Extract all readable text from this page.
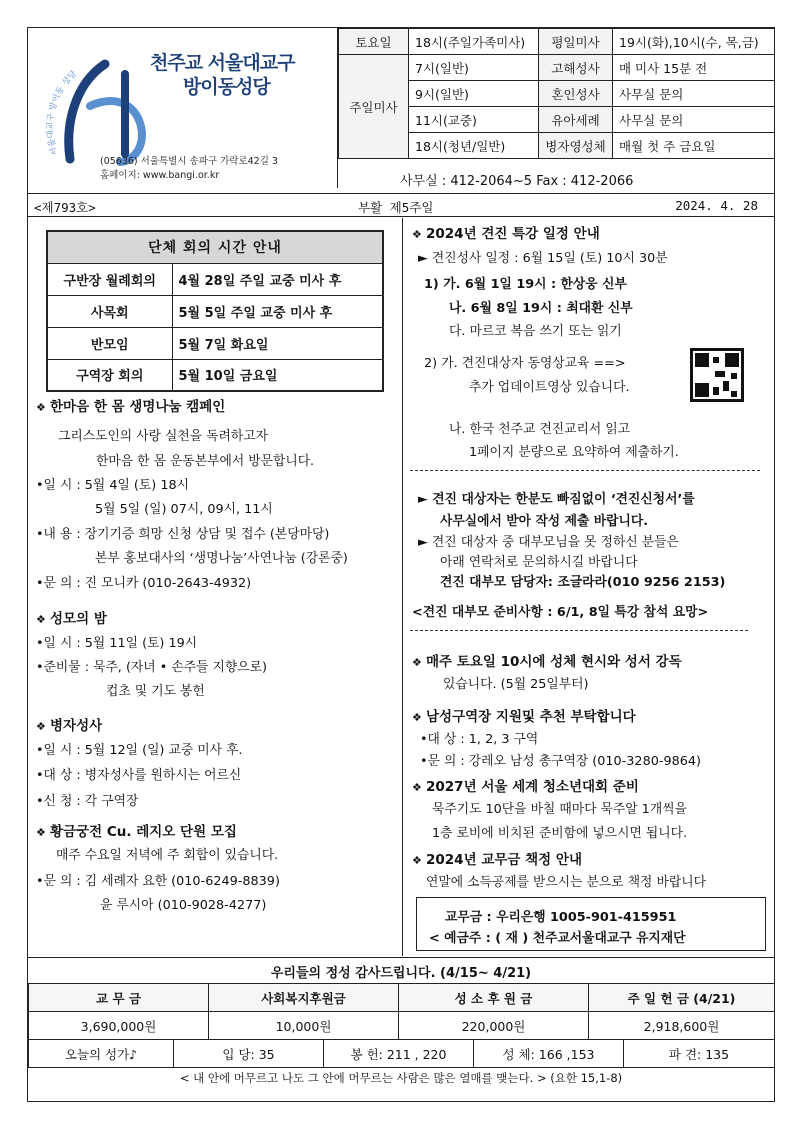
서울대교구 방이동 성당
천주교 서울대교구
방이동성당
(05636) 서울특별시 송파구 가락로42길 3
홈페이지: www.bangi.or.kr
토요일	18시(주일가족미사)	평일미사	19시(화),10시(수, 목,금)
주일미사	7시(일반)	고해성사	매 미사 15분 전
	9시(일반)	혼인성사	사무실 문의
	11시(교중)	유아세례	사무실 문의
	18시(청년/일반)	병자영성체	매월 첫 주 금요일
사무실 : 412-2064~5 Fax : 412-2066
<제793호>	부활 제5주일	2024. 4. 28
단체 회의 시간 안내	
구반장 월례회의	4월 28일 주일 교중 미사 후
사목회	5월 5일 주일 교중 미사 후
반모임	5월 7일 화요일
구역장 회의	5월 10일 금요일
❖ 한마음 한 몸 생명나눔 캠페인
그리스도인의 사랑 실천을 독려하고자
한마음 한 몸 운동본부에서 방문합니다.
•일 시 : 5월 4일 (토) 18시
5월 5일 (일) 07시, 09시, 11시
•내 용 : 장기기증 희망 신청 상담 및 접수 (본당마당)
본부 홍보대사의 ‘생명나눔’사연나눔 (강론중)
•문 의 : 진 모니카 (010-2643-4932)
❖ 성모의 밤
•일 시 : 5월 11일 (토) 19시
•준비물 : 묵주, (자녀 • 손주들 지향으로)
컵초 및 기도 봉헌
❖ 병자성사
•일 시 : 5월 12일 (일) 교중 미사 후.
•대 상 : 병자성사를 원하시는 어르신
•신 청 : 각 구역장
❖ 황금궁전 Cu. 레지오 단원 모집
매주 수요일 저녁에 주 회합이 있습니다.
•문 의 : 김 세례자 요한 (010-6249-8839)
윤 루시아 (010-9028-4277)
❖ 2024년 견진 특강 일정 안내
► 견진성사 일정 : 6월 15일 (토) 10시 30분
1) 가. 6월 1일 19시 : 한상웅 신부
나. 6월 8일 19시 : 최대환 신부
다. 마르코 복음 쓰기 또는 읽기
2) 가. 견진대상자 동영상교육 ==>
추가 업데이트영상 있습니다.
나. 한국 천주교 견진교리서 읽고
1페이지 분량으로 요약하여 제출하기.
► 견진 대상자는 한분도 빠짐없이 ‘견진신청서’를
사무실에서 받아 작성 제출 바랍니다.
► 견진 대상자 중 대부모님을 못 정하신 분들은
아래 연락처로 문의하시길 바랍니다
견진 대부모 담당자: 조글라라(010 9256 2153)
<견진 대부모 준비사항 : 6/1, 8일 특강 참석 요망>
❖ 매주 토요일 10시에 성체 현시와 성서 강독
있습니다. (5월 25일부터)
❖ 남성구역장 지원및 추천 부탁합니다
•대 상 : 1, 2, 3 구역
•문 의 : 강레오 남성 총구역장 (010-3280-9864)
❖ 2027년 서울 세계 청소년대회 준비
묵주기도 10단을 바칠 때마다 묵주알 1개씩을
1층 로비에 비치된 준비함에 넣으시면 됩니다.
❖ 2024년 교무금 책정 안내
연말에 소득공제를 받으시는 분으로 책정 바랍니다
교무금 : 우리은행 1005-901-415951
< 예금주 : ( 재 ) 천주교서울대교구 유지재단
우리들의 정성 감사드립니다. (4/15~ 4/21)
교 무 금	사회복지후원금	성 소 후 원 금	주 일 헌 금 (4/21)
3,690,000원	10,000원	220,000원	2,918,600원
오늘의 성가♪	입 당: 35	봉 헌: 211 , 220	성 체: 166 ,153	파 견: 135
< 내 안에 머무르고 나도 그 안에 머무르는 사람은 많은 열매를 맺는다. > (요한 15,1-8)
